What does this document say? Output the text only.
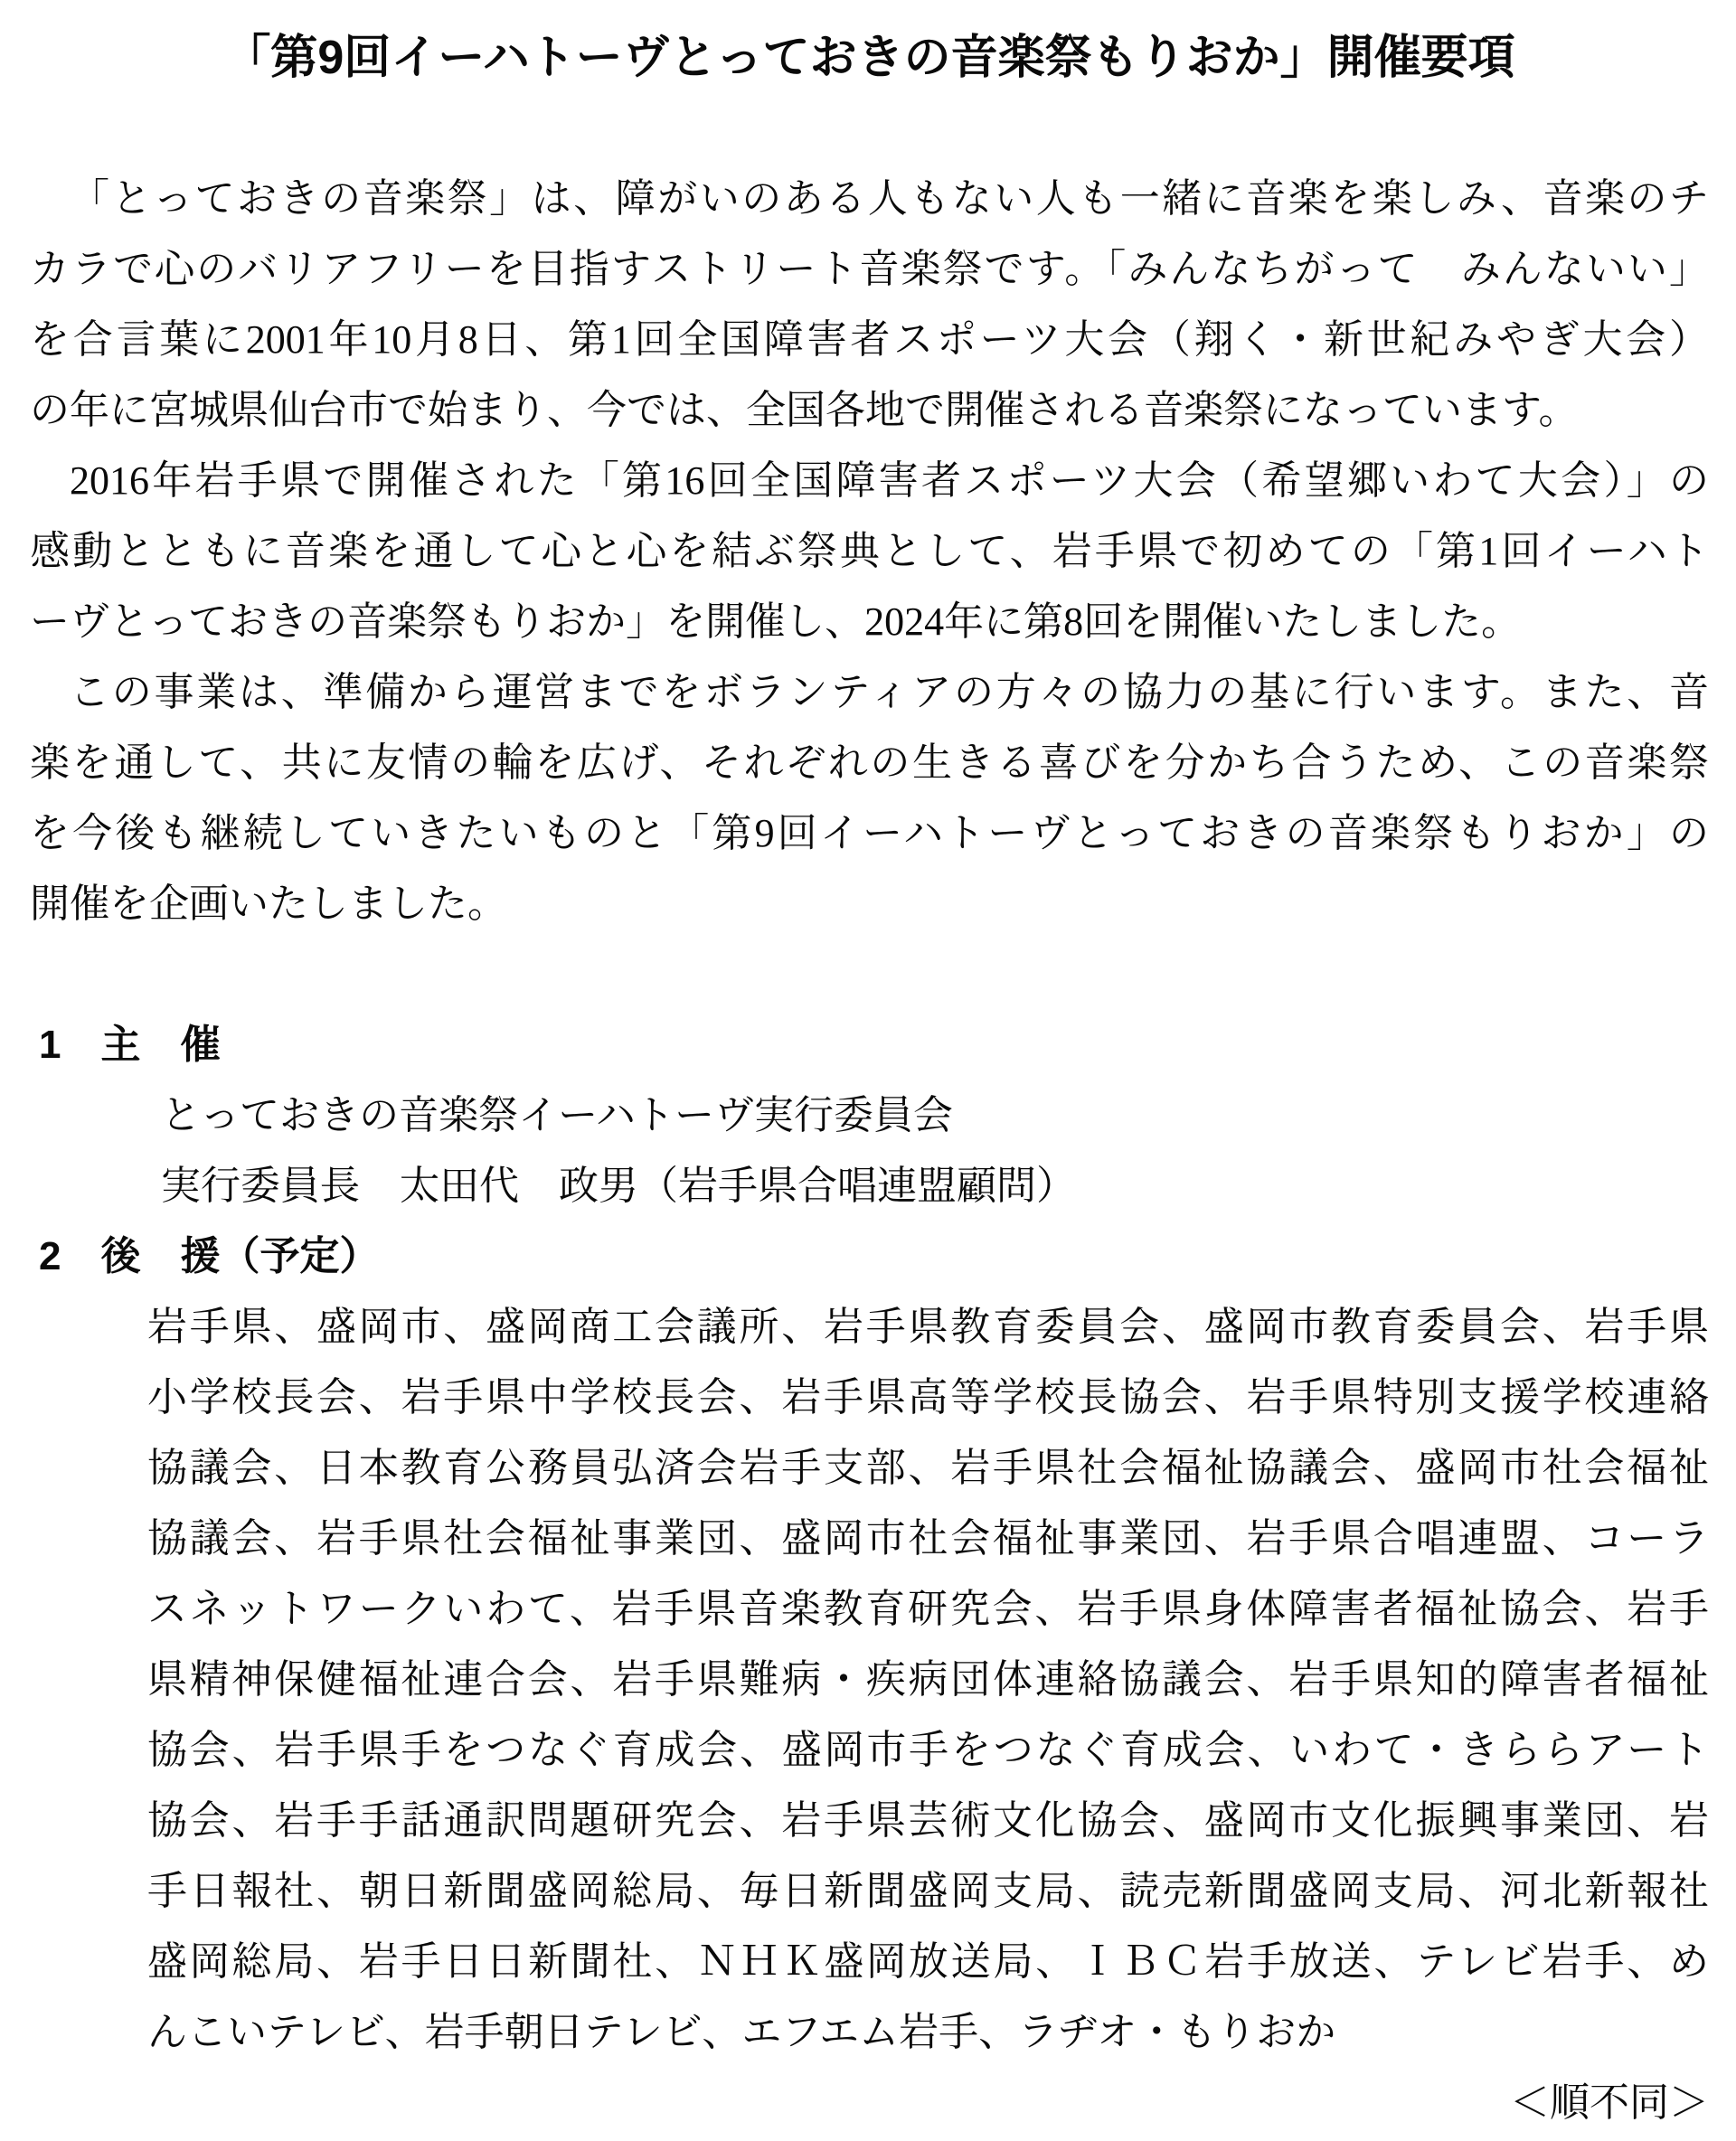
「第9回イーハトーヴとっておきの音楽祭もりおか」開催要項
「とっておきの音楽祭」は、障がいのある人もない人も一緒に音楽を楽しみ、音楽のチ
カラで心のバリアフリーを目指すストリート音楽祭です。「みんなちがって　みんないい」
を合言葉に2001年10月8日、第1回全国障害者スポーツ大会（翔く・新世紀みやぎ大会）
の年に宮城県仙台市で始まり、今では、全国各地で開催される音楽祭になっています。
2016年岩手県で開催された「第16回全国障害者スポーツ大会（希望郷いわて大会）」の
感動とともに音楽を通して心と心を結ぶ祭典として、岩手県で初めての「第1回イーハト
ーヴとっておきの音楽祭もりおか」を開催し、2024年に第8回を開催いたしました。
この事業は、準備から運営までをボランティアの方々の協力の基に行います。また、音
楽を通して、共に友情の輪を広げ、それぞれの生きる喜びを分かち合うため、この音楽祭
を今後も継続していきたいものと「第9回イーハトーヴとっておきの音楽祭もりおか」の
開催を企画いたしました。
1　主　催
とっておきの音楽祭イーハトーヴ実行委員会
実行委員長　太田代　政男（岩手県合唱連盟顧問）
2　後　援（予定）
岩手県、盛岡市、盛岡商工会議所、岩手県教育委員会、盛岡市教育委員会、岩手県
小学校長会、岩手県中学校長会、岩手県高等学校長協会、岩手県特別支援学校連絡
協議会、日本教育公務員弘済会岩手支部、岩手県社会福祉協議会、盛岡市社会福祉
協議会、岩手県社会福祉事業団、盛岡市社会福祉事業団、岩手県合唱連盟、コーラ
スネットワークいわて、岩手県音楽教育研究会、岩手県身体障害者福祉協会、岩手
県精神保健福祉連合会、岩手県難病・疾病団体連絡協議会、岩手県知的障害者福祉
協会、岩手県手をつなぐ育成会、盛岡市手をつなぐ育成会、いわて・きららアート
協会、岩手手話通訳問題研究会、岩手県芸術文化協会、盛岡市文化振興事業団、岩
手日報社、朝日新聞盛岡総局、毎日新聞盛岡支局、読売新聞盛岡支局、河北新報社
盛岡総局、岩手日日新聞社、ＮＨＫ盛岡放送局、ＩＢＣ岩手放送、テレビ岩手、め
んこいテレビ、岩手朝日テレビ、エフエム岩手、ラヂオ・もりおか
＜順不同＞
